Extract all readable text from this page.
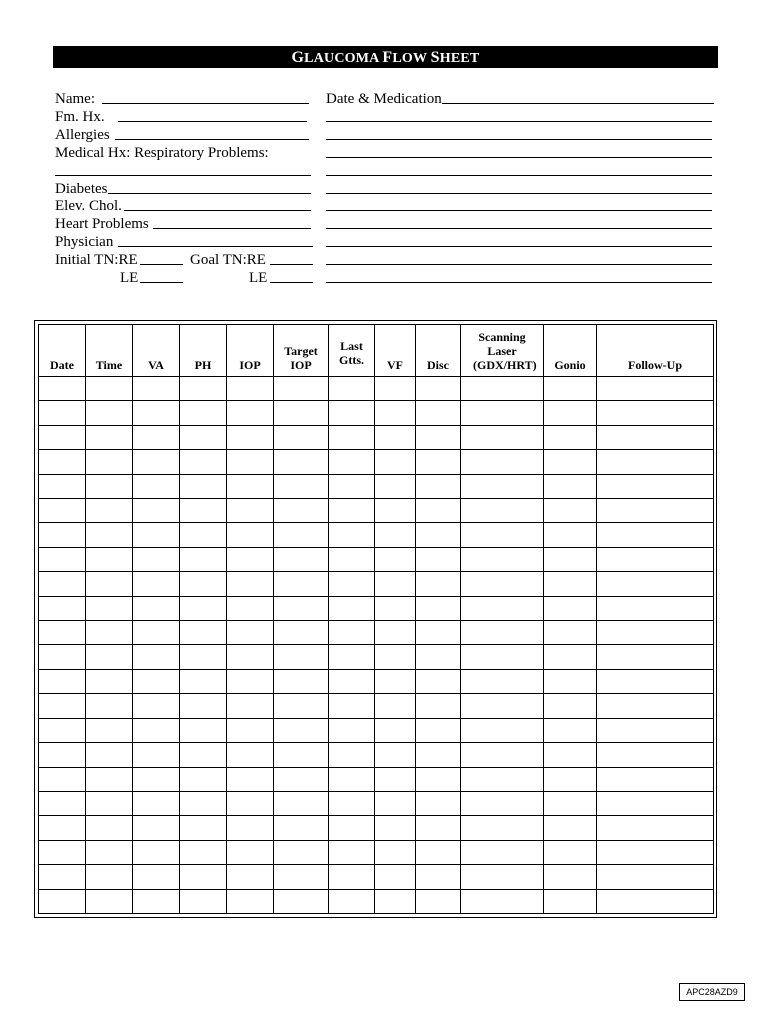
GLAUCOMA FLOW SHEET
Name:
Fm. Hx.
Allergies
Medical Hx: Respiratory Problems:
Diabetes
Elev. Chol.
Heart Problems
Physician
Initial TN:RE	Goal TN:RE
LE	LE
Date & Medication
Date	Time	VA	PH	IOP	Target IOP	Last Gtts.	VF	Disc	Scanning Laser (GDX/HRT)	Gonio	Follow-Up

APC28AZD9
